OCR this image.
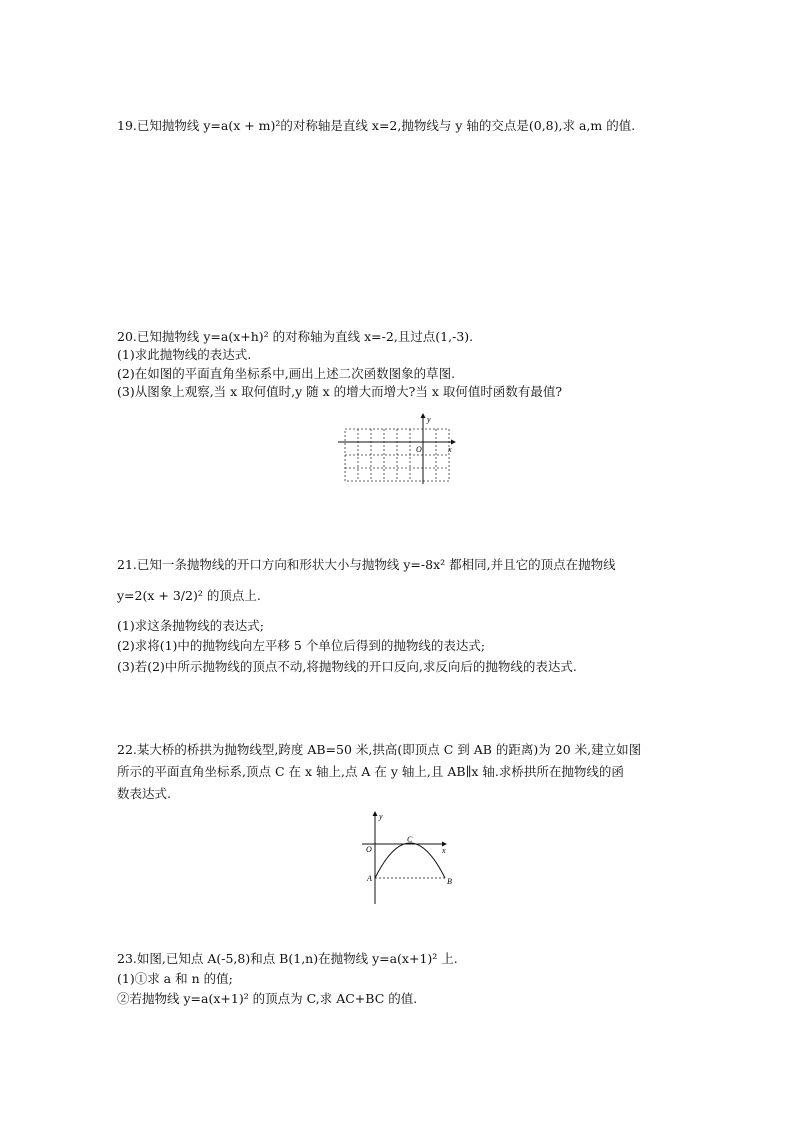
19.已知抛物线 y=a(x + m)²的对称轴是直线 x=2,抛物线与 y 轴的交点是(0,8),求 a,m 的值.
20.已知抛物线 y=a(x+h)² 的对称轴为直线 x=-2,且过点(1,-3).
(1)求此抛物线的表达式.
(2)在如图的平面直角坐标系中,画出上述二次函数图象的草图.
(3)从图象上观察,当 x 取何值时,y 随 x 的增大而增大?当 x 取何值时函数有最值?
y
x
O
21.已知一条抛物线的开口方向和形状大小与抛物线 y=-8x² 都相同,并且它的顶点在抛物线
y=2(x + 3/2)² 的顶点上.
(1)求这条抛物线的表达式;
(2)求将(1)中的抛物线向左平移 5 个单位后得到的抛物线的表达式;
(3)若(2)中所示抛物线的顶点不动,将抛物线的开口反向,求反向后的抛物线的表达式.
22.某大桥的桥拱为抛物线型,跨度 AB=50 米,拱高(即顶点 C 到 AB 的距离)为 20 米,建立如图
所示的平面直角坐标系,顶点 C 在 x 轴上,点 A 在 y 轴上,且 AB∥x 轴.求桥拱所在抛物线的函
数表达式.
y
x
O
C
A	B
23.如图,已知点 A(-5,8)和点 B(1,n)在抛物线 y=a(x+1)² 上.
(1)①求 a 和 n 的值;
②若抛物线 y=a(x+1)² 的顶点为 C,求 AC+BC 的值.
